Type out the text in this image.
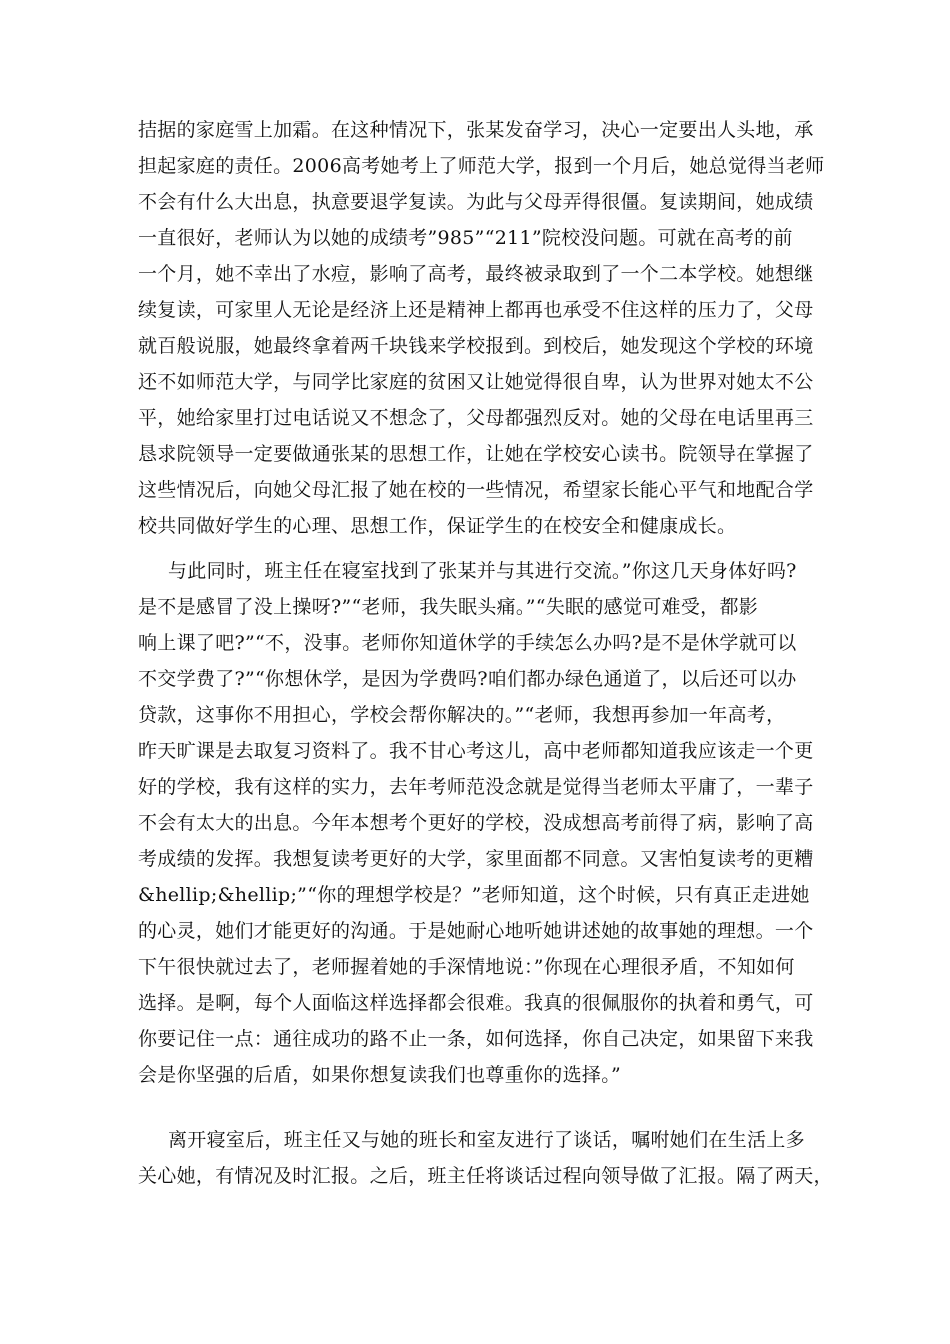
拮据的家庭雪上加霜。在这种情况下，张某发奋学习，决心一定要出人头地，承
担起家庭的责任。2006高考她考上了师范大学，报到一个月后，她总觉得当老师
不会有什么大出息，执意要退学复读。为此与父母弄得很僵。复读期间，她成绩
一直很好，老师认为以她的成绩考”985”“211”院校没问题。可就在高考的前
一个月，她不幸出了水痘，影响了高考，最终被录取到了一个二本学校。她想继
续复读，可家里人无论是经济上还是精神上都再也承受不住这样的压力了，父母
就百般说服，她最终拿着两千块钱来学校报到。到校后，她发现这个学校的环境
还不如师范大学，与同学比家庭的贫困又让她觉得很自卑，认为世界对她太不公
平，她给家里打过电话说又不想念了，父母都强烈反对。她的父母在电话里再三
恳求院领导一定要做通张某的思想工作，让她在学校安心读书。院领导在掌握了
这些情况后，向她父母汇报了她在校的一些情况，希望家长能心平气和地配合学
校共同做好学生的心理、思想工作，保证学生的在校安全和健康成长。
与此同时，班主任在寝室找到了张某并与其进行交流。”你这几天身体好吗?
是不是感冒了没上操呀?”“老师，我失眠头痛。”“失眠的感觉可难受，都影
响上课了吧?”“不，没事。老师你知道休学的手续怎么办吗?是不是休学就可以
不交学费了?”“你想休学，是因为学费吗?咱们都办绿色通道了，以后还可以办
贷款，这事你不用担心，学校会帮你解决的。”“老师，我想再参加一年高考，
昨天旷课是去取复习资料了。我不甘心考这儿，高中老师都知道我应该走一个更
好的学校，我有这样的实力，去年考师范没念就是觉得当老师太平庸了，一辈子
不会有太大的出息。今年本想考个更好的学校，没成想高考前得了病，影响了高
考成绩的发挥。我想复读考更好的大学，家里面都不同意。又害怕复读考的更糟
&hellip;&hellip;”“你的理想学校是？”老师知道，这个时候，只有真正走进她
的心灵，她们才能更好的沟通。于是她耐心地听她讲述她的故事她的理想。一个
下午很快就过去了，老师握着她的手深情地说：”你现在心理很矛盾，不知如何
选择。是啊，每个人面临这样选择都会很难。我真的很佩服你的执着和勇气，可
你要记住一点：通往成功的路不止一条，如何选择，你自己决定，如果留下来我
会是你坚强的后盾，如果你想复读我们也尊重你的选择。”
离开寝室后，班主任又与她的班长和室友进行了谈话，嘱咐她们在生活上多
关心她，有情况及时汇报。之后，班主任将谈话过程向领导做了汇报。隔了两天，
